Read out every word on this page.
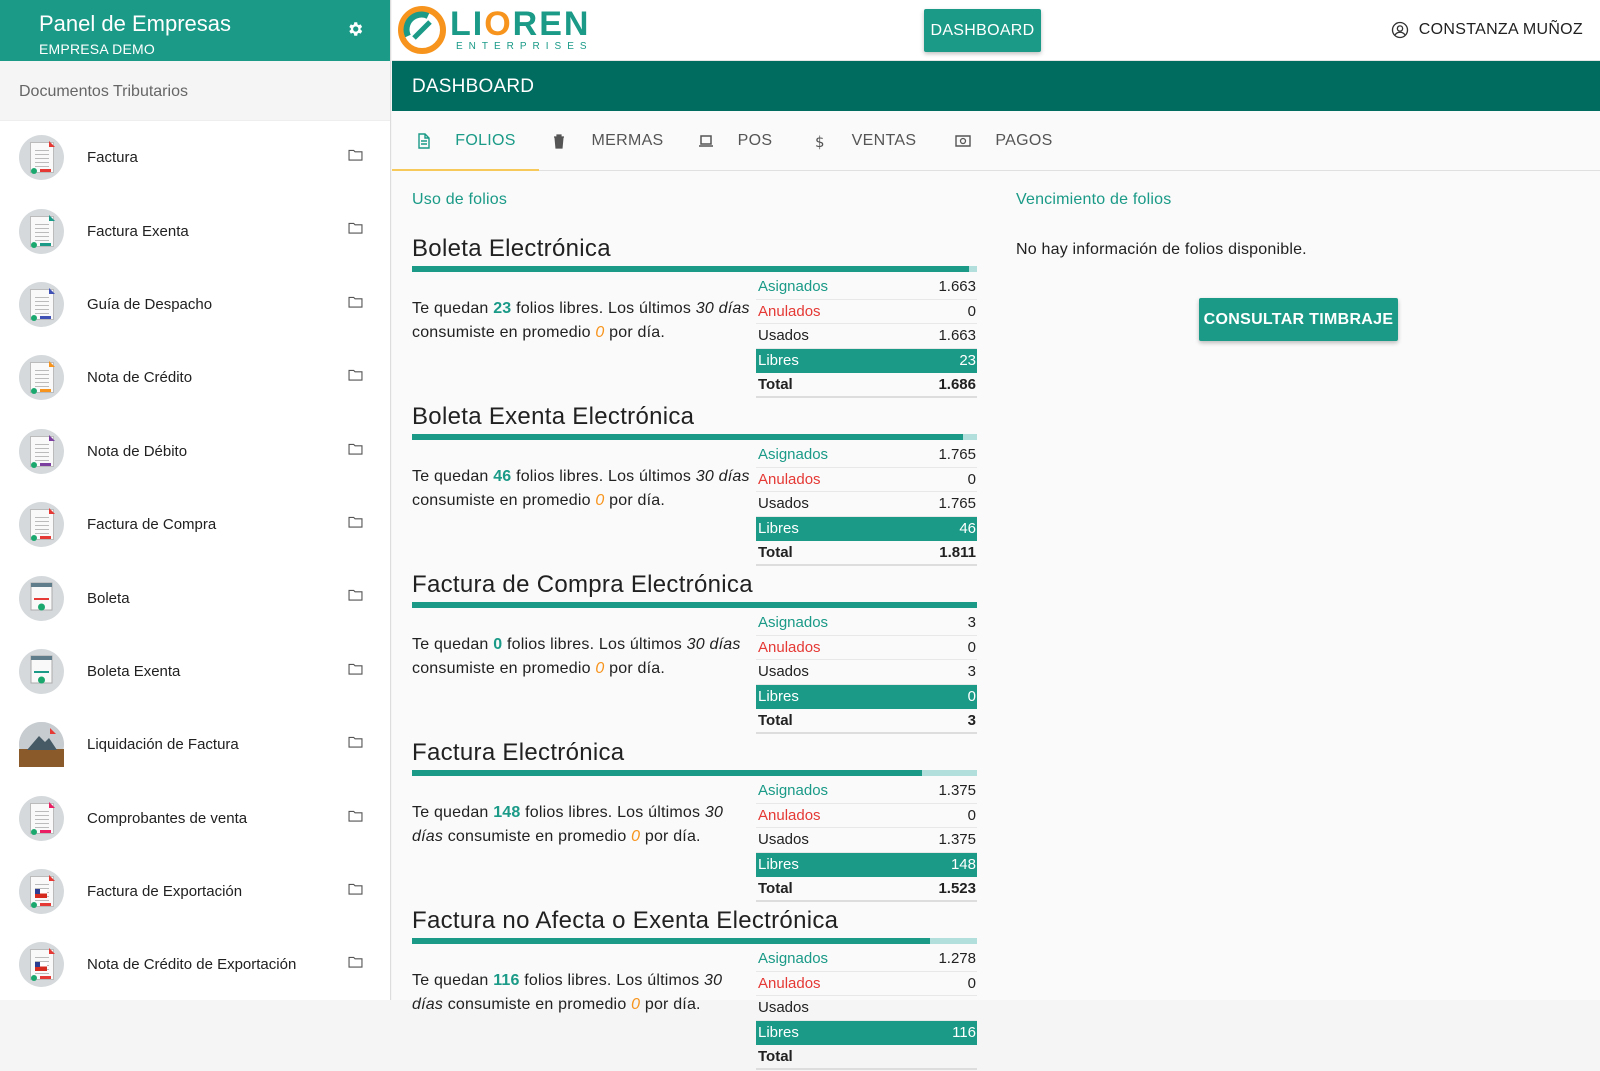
Panel de Empresas
EMPRESA DEMO
Documentos Tributarios
Factura
Factura Exenta
Guía de Despacho
Nota de Crédito
Nota de Débito
Factura de Compra
Boleta
Boleta Exenta
Liquidación de Factura
Comprobantes de venta
Factura de Exportación
Nota de Crédito de Exportación
LIOREN
ENTERPRISES
DASHBOARD	CONSTANZA MUÑOZ
DASHBOARD
FOLIOS	MERMAS	POS	$ VENTAS	PAGOS
Uso de folios
Boleta Electrónica
Te quedan 23 folios libres. Los últimos 30 días consumiste en promedio 0 por día.
Asignados	1.663
Anulados	0
Usados	1.663
Libres	23
Total	1.686
Boleta Exenta Electrónica
Te quedan 46 folios libres. Los últimos 30 días consumiste en promedio 0 por día.
Asignados	1.765
Anulados	0
Usados	1.765
Libres	46
Total	1.811
Factura de Compra Electrónica
Te quedan 0 folios libres. Los últimos 30 días consumiste en promedio 0 por día.
Asignados	3
Anulados	0
Usados	3
Libres	0
Total	3
Factura Electrónica
Te quedan 148 folios libres. Los últimos 30 días consumiste en promedio 0 por día.
Asignados	1.375
Anulados	0
Usados	1.375
Libres	148
Total	1.523
Factura no Afecta o Exenta Electrónica
Te quedan 116 folios libres. Los últimos 30 días consumiste en promedio 0 por día.
Asignados	1.278
Anulados	0
Usados
Libres	116
Total
Vencimiento de folios
No hay información de folios disponible.
CONSULTAR TIMBRAJE
